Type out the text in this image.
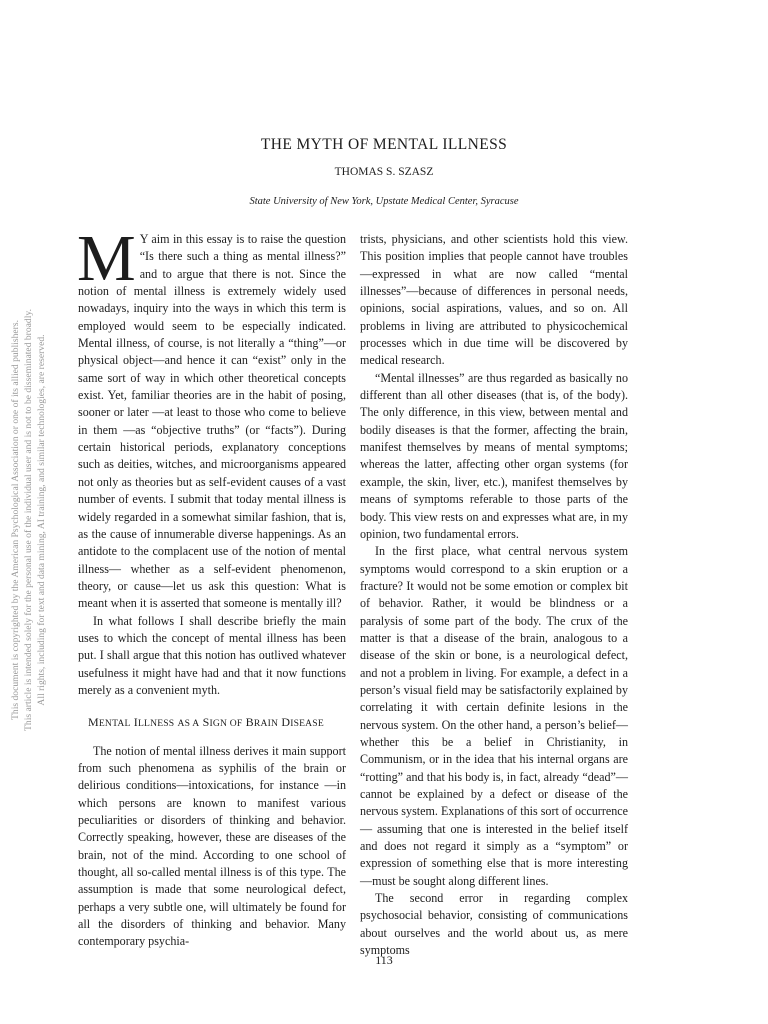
This document is copyrighted by the American Psychological Association or one of its allied publishers. This article is intended solely for the personal use of the individual user and is not to be disseminated broadly. All rights, including for text and data mining, AI training, and similar technologies, are reserved.
THE MYTH OF MENTAL ILLNESS
THOMAS S. SZASZ
State University of New York, Upstate Medical Center, Syracuse

M Y aim in this essay is to raise the question “Is there such a thing as mental illness?” and to argue that there is not. Since the notion of mental illness is extremely widely used nowadays, inquiry into the ways in which this term is employed would seem to be especially indicated. Mental illness, of course, is not literally a “thing”—or physical object—and hence it can “exist” only in the same sort of way in which other theoretical concepts exist. Yet, familiar theories are in the habit of posing, sooner or later —at least to those who come to believe in them —as “objective truths” (or “facts”). During certain historical periods, explanatory conceptions such as deities, witches, and microorganisms appeared not only as theories but as self-evident causes of a vast number of events. I submit that today mental illness is widely regarded in a somewhat similar fashion, that is, as the cause of innumerable diverse happenings. As an antidote to the complacent use of the notion of mental illness— whether as a self-evident phenomenon, theory, or cause—let us ask this question: What is meant when it is asserted that someone is mentally ill?

In what follows I shall describe briefly the main uses to which the concept of mental illness has been put. I shall argue that this notion has outlived whatever usefulness it might have had and that it now functions merely as a convenient myth.

MENTAL ILLNESS AS A SIGN OF BRAIN DISEASE

The notion of mental illness derives it main support from such phenomena as syphilis of the brain or delirious conditions—intoxications, for instance —in which persons are known to manifest various peculiarities or disorders of thinking and behavior. Correctly speaking, however, these are diseases of the brain, not of the mind. According to one school of thought, all so-called mental illness is of this type. The assumption is made that some neurological defect, perhaps a very subtle one, will ultimately be found for all the disorders of thinking and behavior. Many contemporary psychia-

trists, physicians, and other scientists hold this view. This position implies that people cannot have troubles—expressed in what are now called “mental illnesses”—because of differences in personal needs, opinions, social aspirations, values, and so on. All problems in living are attributed to physicochemical processes which in due time will be discovered by medical research.

“Mental illnesses” are thus regarded as basically no different than all other diseases (that is, of the body). The only difference, in this view, between mental and bodily diseases is that the former, affecting the brain, manifest themselves by means of mental symptoms; whereas the latter, affecting other organ systems (for example, the skin, liver, etc.), manifest themselves by means of symptoms referable to those parts of the body. This view rests on and expresses what are, in my opinion, two fundamental errors.

In the first place, what central nervous system symptoms would correspond to a skin eruption or a fracture? It would not be some emotion or complex bit of behavior. Rather, it would be blindness or a paralysis of some part of the body. The crux of the matter is that a disease of the brain, analogous to a disease of the skin or bone, is a neurological defect, and not a problem in living. For example, a defect in a person’s visual field may be satisfactorily explained by correlating it with certain definite lesions in the nervous system. On the other hand, a person’s belief—whether this be a belief in Christianity, in Communism, or in the idea that his internal organs are “rotting” and that his body is, in fact, already “dead”—cannot be explained by a defect or disease of the nervous system. Explanations of this sort of occurrence— assuming that one is interested in the belief itself and does not regard it simply as a “symptom” or expression of something else that is more interesting —must be sought along different lines.

The second error in regarding complex psychosocial behavior, consisting of communications about ourselves and the world about us, as mere symptoms

113
